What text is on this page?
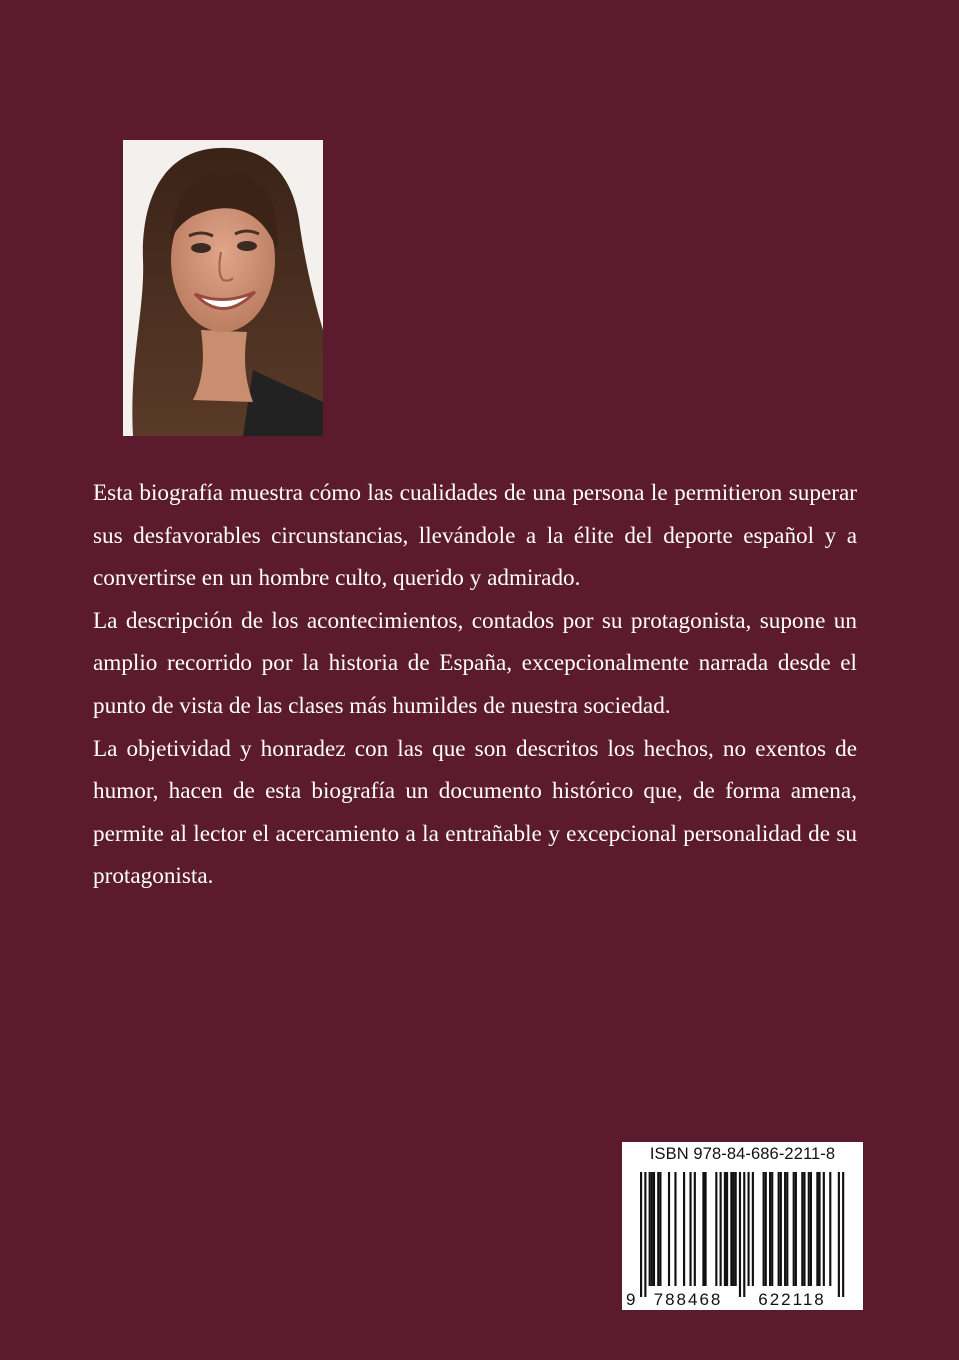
Esta biografía muestra cómo las cualidades de una persona le permitieron superar sus desfavorables circunstancias, llevándole a la élite del deporte español y a convertirse en un hombre culto, querido y admirado.

La descripción de los acontecimientos, contados por su protagonista, supone un amplio recorrido por la historia de España, excepcionalmente narrada desde el punto de vista de las clases más humildes de nuestra sociedad.

La objetividad y honradez con las que son descritos los hechos, no exentos de humor, hacen de esta biografía un documento histórico que, de forma amena, permite al lector el acercamiento a la entrañable y excepcional personalidad de su protagonista.

ISBN 978-84-686-2211-8
9 788468 622118
